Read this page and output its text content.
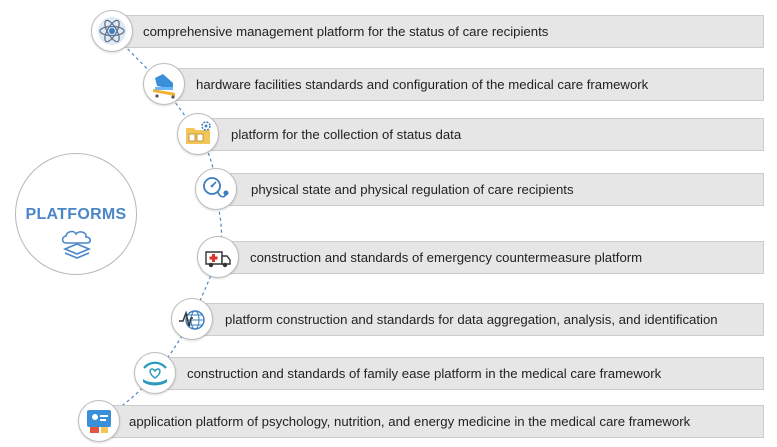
PLATFORMS
comprehensive management platform for the status of care recipients
hardware facilities standards and configuration of the medical care framework
platform for the collection of status data
physical state and physical regulation of care recipients
construction and standards of emergency countermeasure platform
platform construction and standards for data aggregation, analysis, and identification
construction and standards of family ease platform in the medical care framework
application platform of psychology, nutrition, and energy medicine in the medical care framework
